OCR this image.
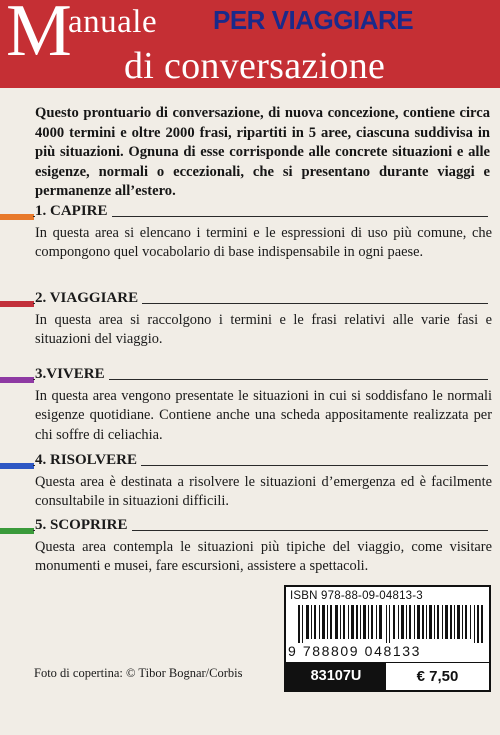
M
anuale PER VIAGGIARE
di conversazione
Questo prontuario di conversazione, di nuova concezione, contiene circa 4000 termini e oltre 2000 frasi, ripartiti in 5 aree, ciascuna suddivisa in più situazioni. Ognuna di esse corrisponde alle concrete situazioni e alle esigenze, normali o eccezionali, che si presentano durante viaggi e permanenze all’estero.
1. CAPIRE
In questa area si elencano i termini e le espressioni di uso più comune, che compongono quel vocabolario di base indispensabile in ogni paese.
2. VIAGGIARE
In questa area si raccolgono i termini e le frasi relativi alle varie fasi e situazioni del viaggio.
3.VIVERE
In questa area vengono presentate le situazioni in cui si soddisfano le normali esigenze quotidiane. Contiene anche una scheda appositamente realizzata per chi soffre di celiachia.
4. RISOLVERE
Questa area è destinata a risolvere le situazioni d’emergenza ed è facilmente consultabile in situazioni difficili.
5. SCOPRIRE
Questa area contempla le situazioni più tipiche del viaggio, come visitare monumenti e musei, fare escursioni, assistere a spettacoli.
ISBN 978-88-09-04813-3
9 788809 048133
83107U	€ 7,50
Foto di copertina: © Tibor Bognar/Corbis
